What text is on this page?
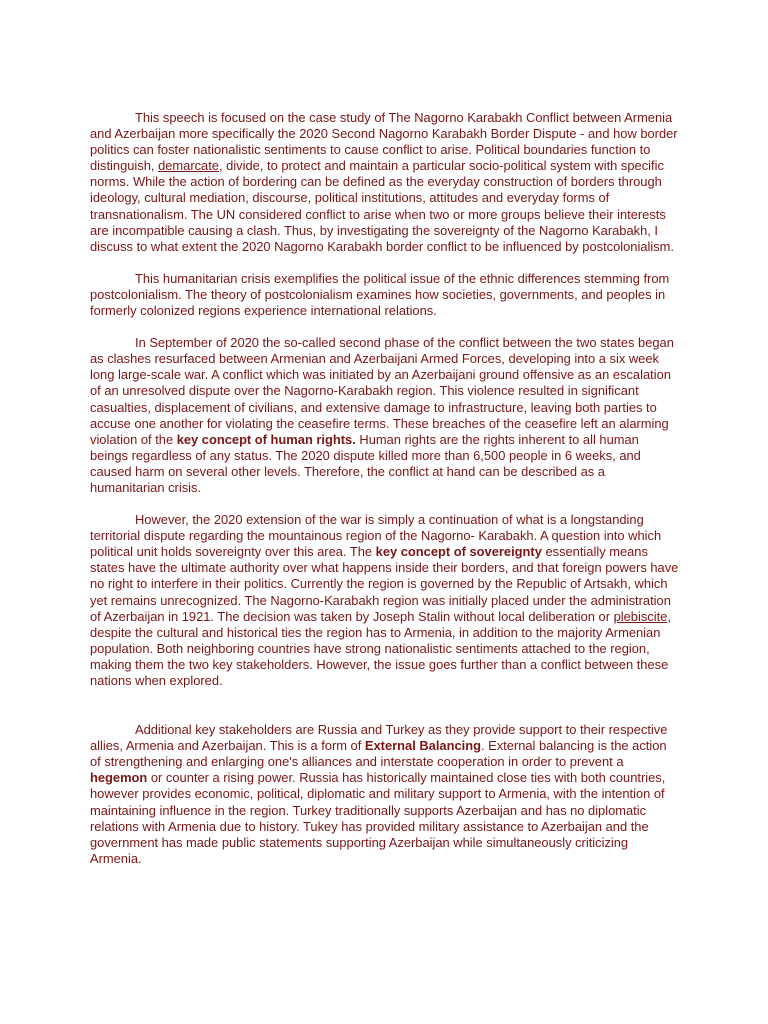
This speech is focused on the case study of The Nagorno Karabakh Conflict between Armenia and Azerbaijan more specifically the 2020 Second Nagorno Karabakh Border Dispute - and how border politics can foster nationalistic sentiments to cause conflict to arise. Political boundaries function to distinguish, demarcate, divide, to protect and maintain a particular socio-political system with specific norms. While the action of bordering can be defined as the everyday construction of borders through ideology, cultural mediation, discourse, political institutions, attitudes and everyday forms of transnationalism. The UN considered conflict to arise when two or more groups believe their interests are incompatible causing a clash. Thus, by investigating the sovereignty of the Nagorno Karabakh, I discuss to what extent the 2020 Nagorno Karabakh border conflict to be influenced by postcolonialism.

This humanitarian crisis exemplifies the political issue of the ethnic differences stemming from postcolonialism. The theory of postcolonialism examines how societies, governments, and peoples in formerly colonized regions experience international relations.

In September of 2020 the so-called second phase of the conflict between the two states began as clashes resurfaced between Armenian and Azerbaijani Armed Forces, developing into a six week long large-scale war. A conflict which was initiated by an Azerbaijani ground offensive as an escalation of an unresolved dispute over the Nagorno-Karabakh region. This violence resulted in significant casualties, displacement of civilians, and extensive damage to infrastructure, leaving both parties to accuse one another for violating the ceasefire terms. These breaches of the ceasefire left an alarming violation of the key concept of human rights. Human rights are the rights inherent to all human beings regardless of any status. The 2020 dispute killed more than 6,500 people in 6 weeks, and caused harm on several other levels. Therefore, the conflict at hand can be described as a humanitarian crisis.

However, the 2020 extension of the war is simply a continuation of what is a longstanding territorial dispute regarding the mountainous region of the Nagorno- Karabakh. A question into which political unit holds sovereignty over this area. The key concept of sovereignty essentially means states have the ultimate authority over what happens inside their borders, and that foreign powers have no right to interfere in their politics. Currently the region is governed by the Republic of Artsakh, which yet remains unrecognized. The Nagorno-Karabakh region was initially placed under the administration of Azerbaijan in 1921. The decision was taken by Joseph Stalin without local deliberation or plebiscite, despite the cultural and historical ties the region has to Armenia, in addition to the majority Armenian population. Both neighboring countries have strong nationalistic sentiments attached to the region, making them the two key stakeholders. However, the issue goes further than a conflict between these nations when explored.

Additional key stakeholders are Russia and Turkey as they provide support to their respective allies, Armenia and Azerbaijan. This is a form of External Balancing. External balancing is the action of strengthening and enlarging one's alliances and interstate cooperation in order to prevent a hegemon or counter a rising power. Russia has historically maintained close ties with both countries, however provides economic, political, diplomatic and military support to Armenia, with the intention of maintaining influence in the region. Turkey traditionally supports Azerbaijan and has no diplomatic relations with Armenia due to history. Tukey has provided military assistance to Azerbaijan and the government has made public statements supporting Azerbaijan while simultaneously criticizing Armenia.
